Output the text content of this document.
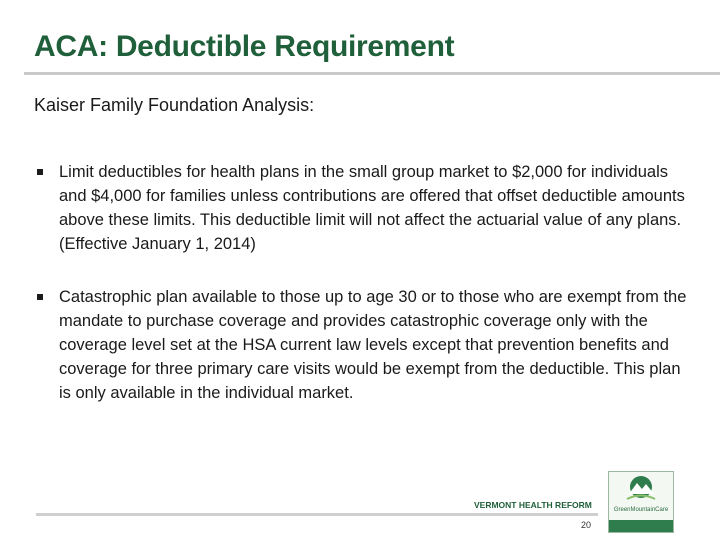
ACA: Deductible Requirement
Kaiser Family Foundation Analysis:
Limit deductibles for health plans in the small group market to $2,000 for individuals and $4,000 for families unless contributions are offered that offset deductible amounts above these limits. This deductible limit will not affect the actuarial value of any plans. (Effective January 1, 2014)
Catastrophic plan available to those up to age 30 or to those who are exempt from the mandate to purchase coverage and provides catastrophic coverage only with the coverage level set at the HSA current law levels except that prevention benefits and coverage for three primary care visits would be exempt from the deductible. This plan is only available in the individual market.
VERMONT HEALTH REFORM
20
GreenMountainCare
